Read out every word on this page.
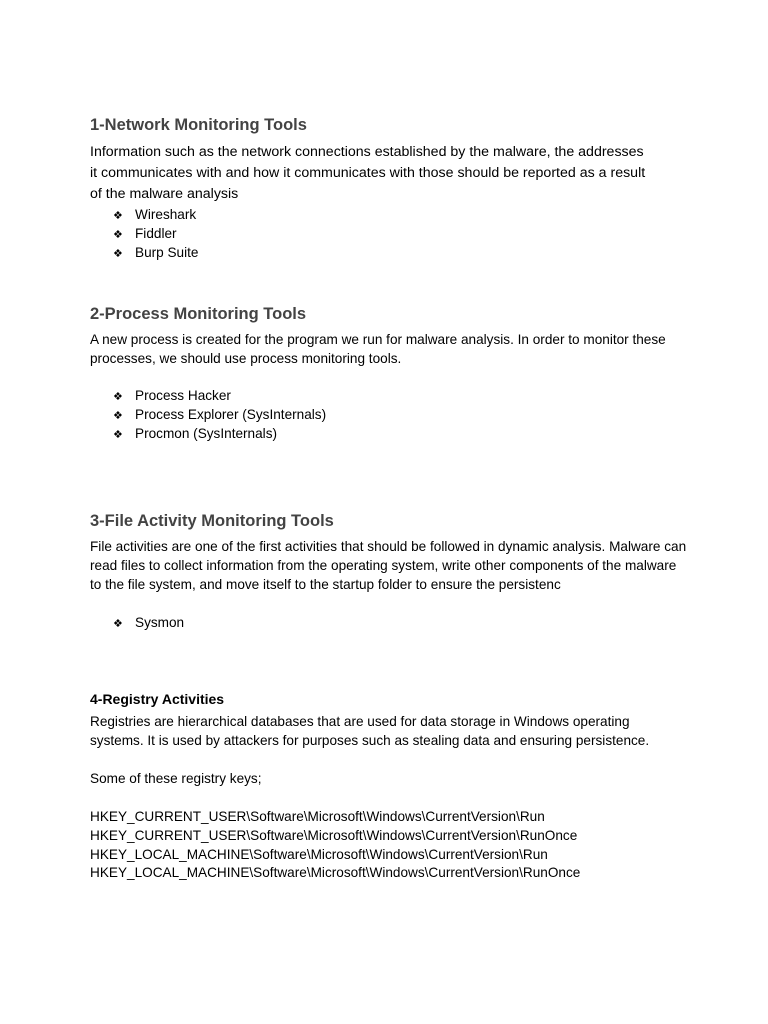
1-Network Monitoring Tools

Information such as the network connections established by the malware, the addresses it communicates with and how it communicates with those should be reported as a result of the malware analysis

❖ Wireshark
❖ Fiddler
❖ Burp Suite
2-Process Monitoring Tools

A new process is created for the program we run for malware analysis. In order to monitor these processes, we should use process monitoring tools.

❖ Process Hacker
❖ Process Explorer (SysInternals)
❖ Procmon (SysInternals)
3-File Activity Monitoring Tools

File activities are one of the first activities that should be followed in dynamic analysis. Malware can read files to collect information from the operating system, write other components of the malware to the file system, and move itself to the startup folder to ensure the persistenc

❖ Sysmon
4-Registry Activities

Registries are hierarchical databases that are used for data storage in Windows operating systems. It is used by attackers for purposes such as stealing data and ensuring persistence.

Some of these registry keys;

HKEY_CURRENT_USER\Software\Microsoft\Windows\CurrentVersion\Run
HKEY_CURRENT_USER\Software\Microsoft\Windows\CurrentVersion\RunOnce
HKEY_LOCAL_MACHINE\Software\Microsoft\Windows\CurrentVersion\Run
HKEY_LOCAL_MACHINE\Software\Microsoft\Windows\CurrentVersion\RunOnce
